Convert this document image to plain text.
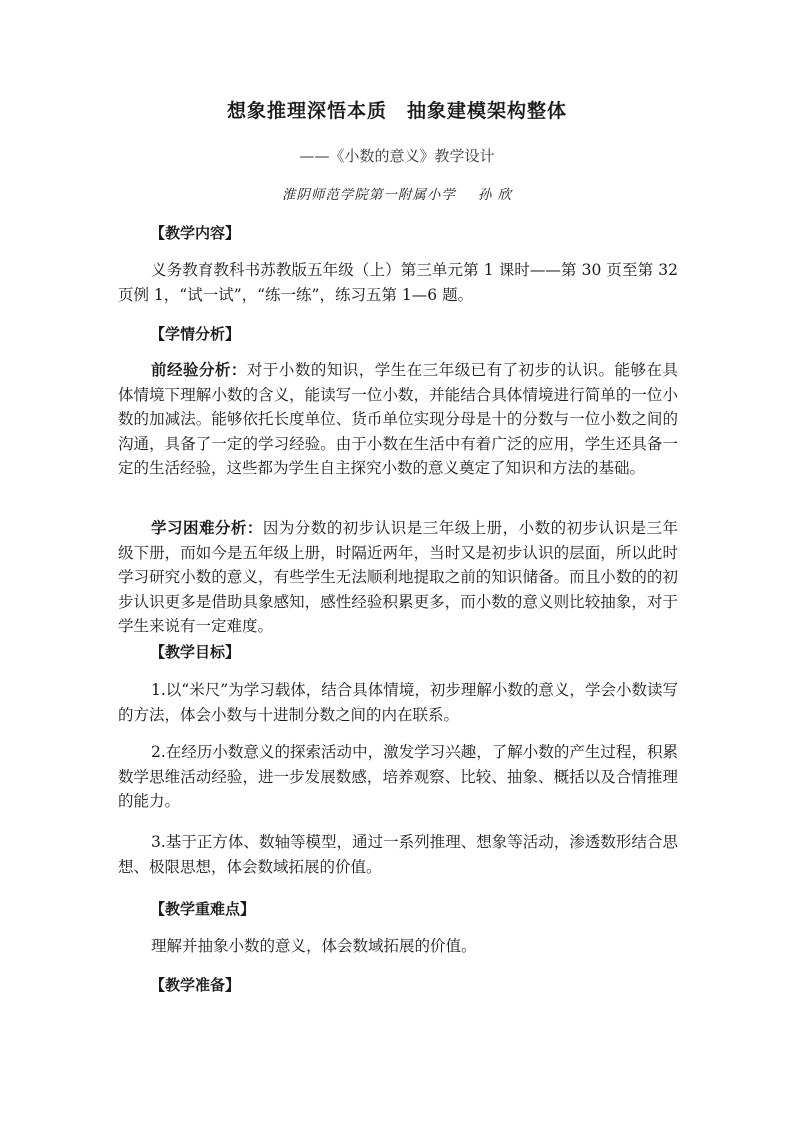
想象推理深悟本质　抽象建模架构整体
——《小数的意义》教学设计
淮阴师范学院第一附属小学 孙 欣
【教学内容】
义务教育教科书苏教版五年级（上）第三单元第 1 课时——第 30 页至第 32 页例 1，“试一试”，“练一练”，练习五第 1—6 题。
【学情分析】
前经验分析：对于小数的知识，学生在三年级已有了初步的认识。能够在具体情境下理解小数的含义，能读写一位小数，并能结合具体情境进行简单的一位小数的加减法。能够依托长度单位、货币单位实现分母是十的分数与一位小数之间的沟通，具备了一定的学习经验。由于小数在生活中有着广泛的应用，学生还具备一定的生活经验，这些都为学生自主探究小数的意义奠定了知识和方法的基础。
学习困难分析：因为分数的初步认识是三年级上册，小数的初步认识是三年级下册，而如今是五年级上册，时隔近两年，当时又是初步认识的层面，所以此时学习研究小数的意义，有些学生无法顺利地提取之前的知识储备。而且小数的的初步认识更多是借助具象感知，感性经验积累更多，而小数的意义则比较抽象，对于学生来说有一定难度。
【教学目标】
1.以“米尺”为学习载体，结合具体情境，初步理解小数的意义，学会小数读写的方法，体会小数与十进制分数之间的内在联系。
2.在经历小数意义的探索活动中，激发学习兴趣，了解小数的产生过程，积累数学思维活动经验，进一步发展数感，培养观察、比较、抽象、概括以及合情推理的能力。
3.基于正方体、数轴等模型，通过一系列推理、想象等活动，渗透数形结合思想、极限思想，体会数域拓展的价值。
【教学重难点】
理解并抽象小数的意义，体会数域拓展的价值。
【教学准备】
